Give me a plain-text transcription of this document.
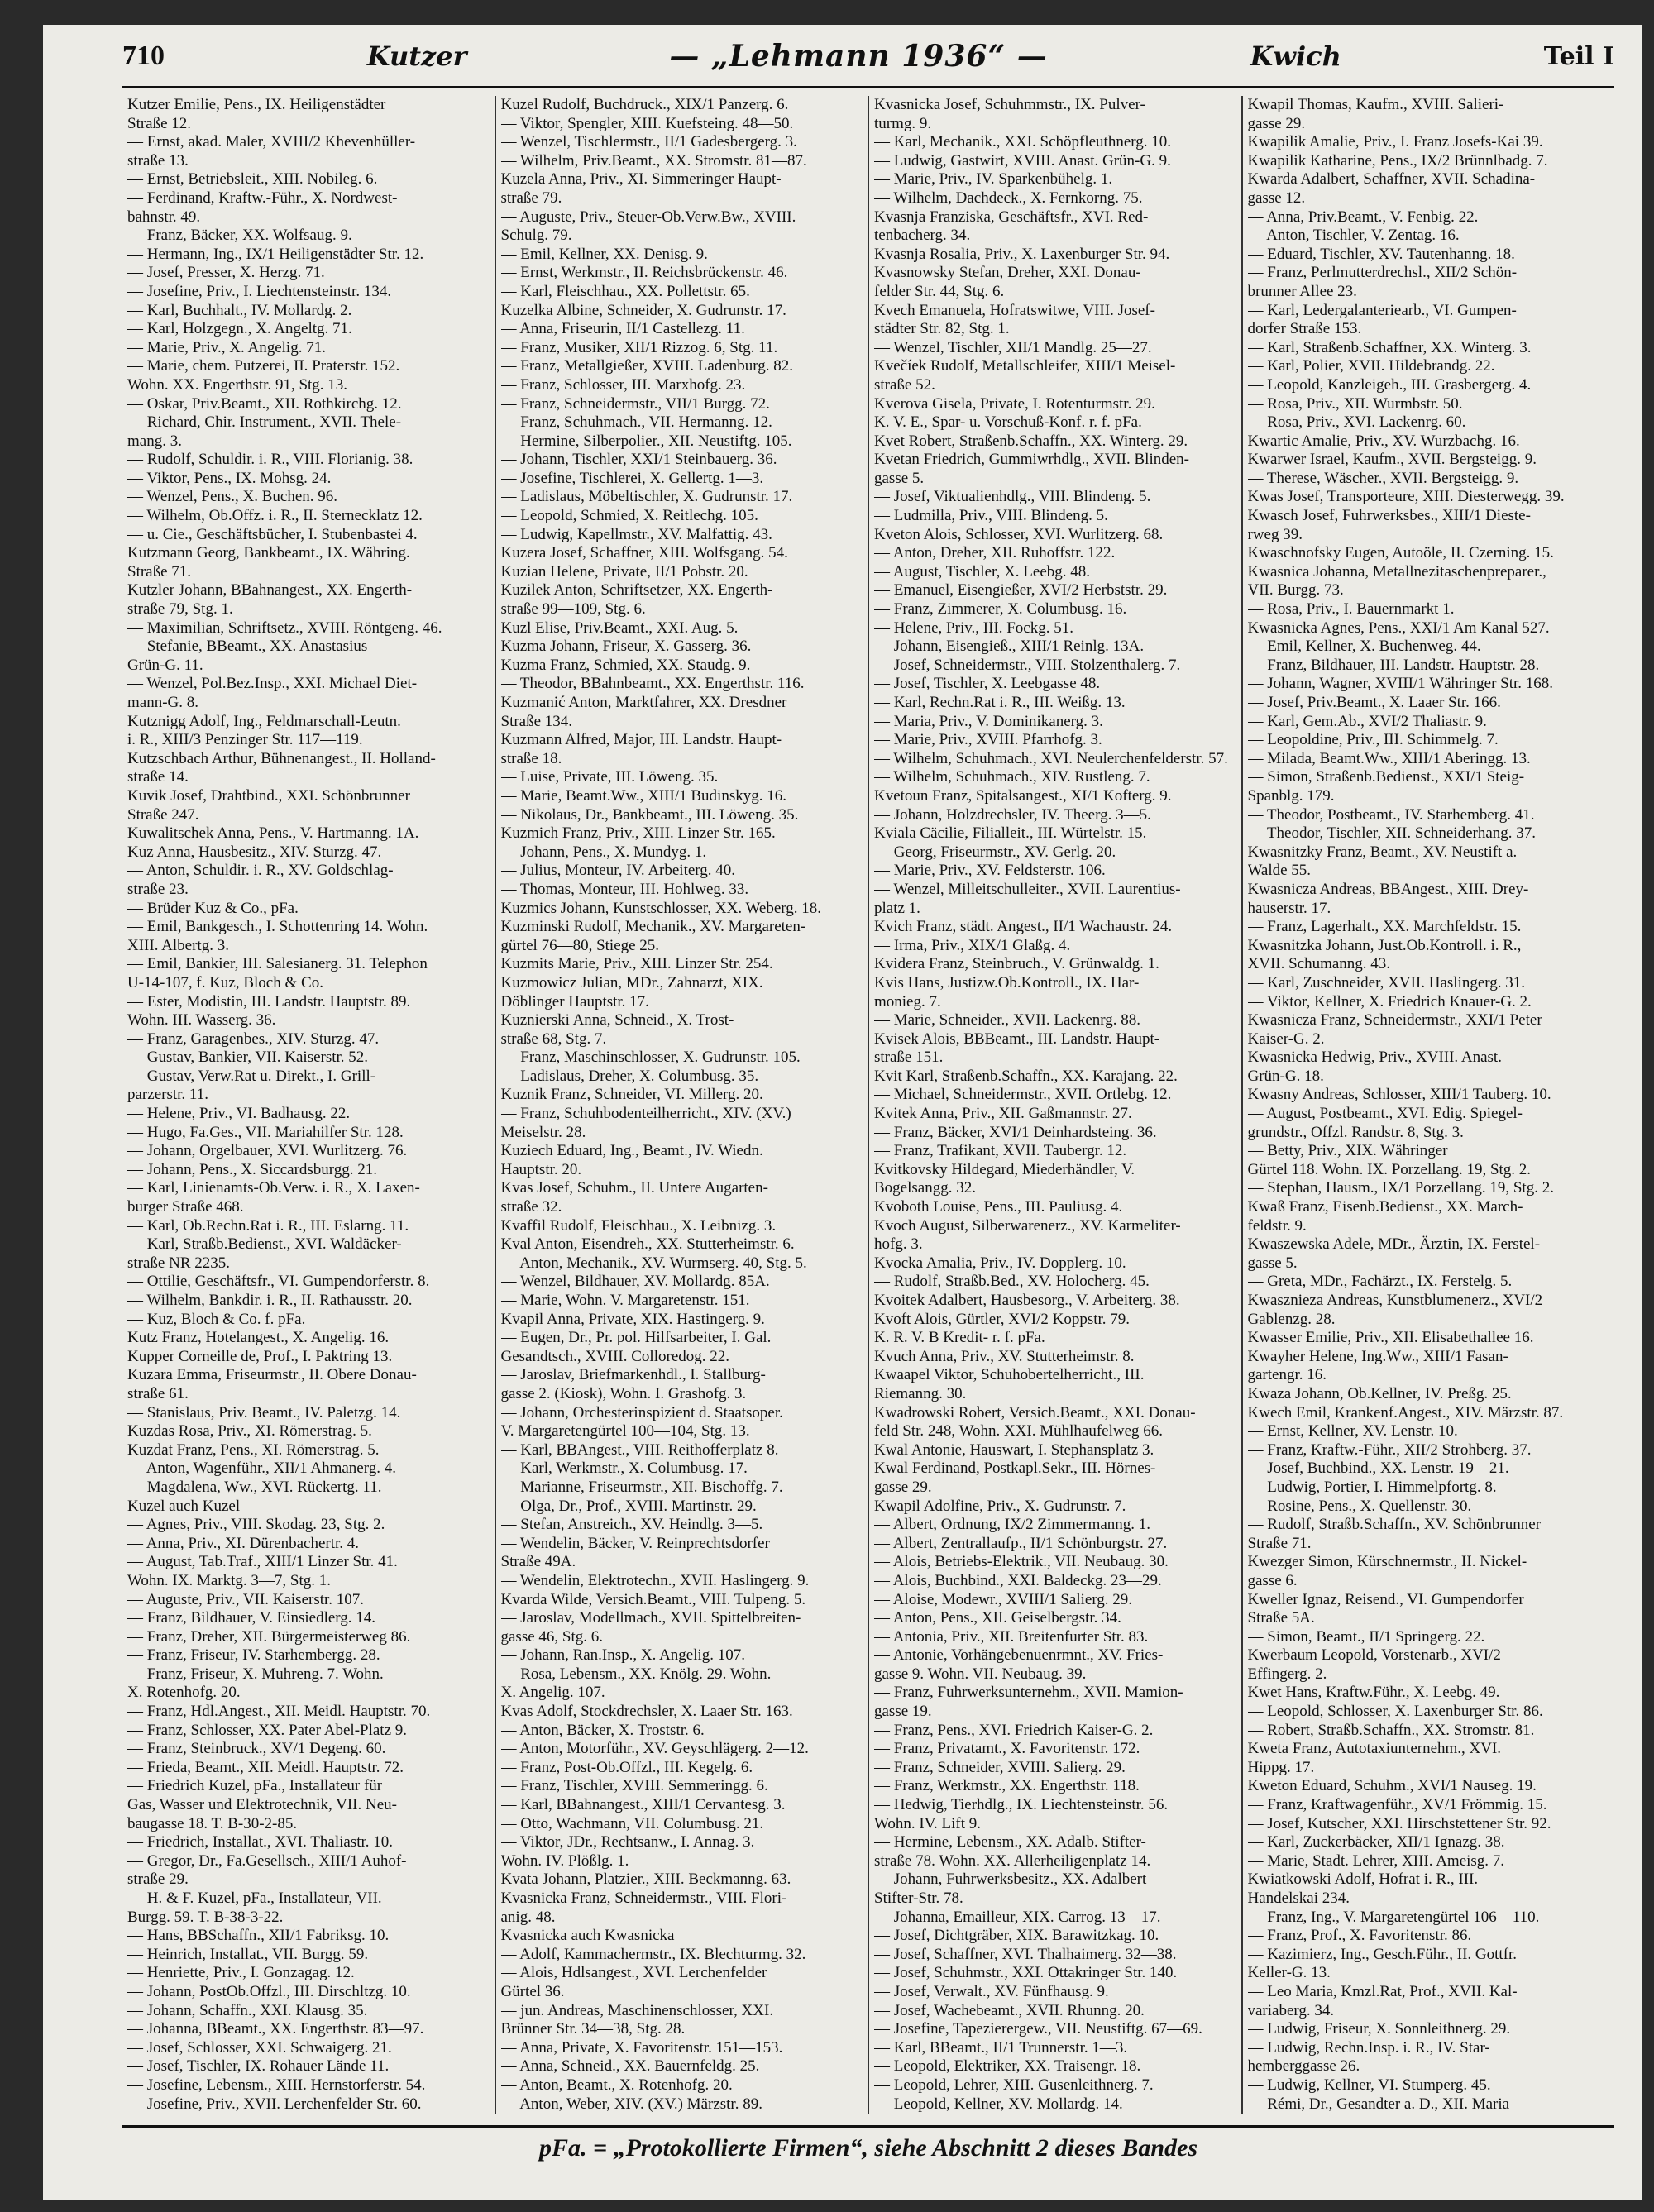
710	Kutzer	— „Lehmann 1936“ —	Kwich	Teil I
Kutzer Emilie, Pens., IX. Heiligenstädter
Straße 12.
— Ernst, akad. Maler, XVIII/2 Khevenhüller-
straße 13.
— Ernst, Betriebsleit., XIII. Nobileg. 6.
— Ferdinand, Kraftw.-Führ., X. Nordwest-
bahnstr. 49.
— Franz, Bäcker, XX. Wolfsaug. 9.
— Hermann, Ing., IX/1 Heiligenstädter Str. 12.
— Josef, Presser, X. Herzg. 71.
— Josefine, Priv., I. Liechtensteinstr. 134.
— Karl, Buchhalt., IV. Mollardg. 2.
— Karl, Holzgegn., X. Angeltg. 71.
— Marie, Priv., X. Angelig. 71.
— Marie, chem. Putzerei, II. Praterstr. 152.
Wohn. XX. Engerthstr. 91, Stg. 13.
— Oskar, Priv.Beamt., XII. Rothkirchg. 12.
— Richard, Chir. Instrument., XVII. Thele-
mang. 3.
— Rudolf, Schuldir. i. R., VIII. Florianig. 38.
— Viktor, Pens., IX. Mohsg. 24.
— Wenzel, Pens., X. Buchen. 96.
— Wilhelm, Ob.Offz. i. R., II. Sternecklatz 12.
— u. Cie., Geschäftsbücher, I. Stubenbastei 4.
Kutzmann Georg, Bankbeamt., IX. Währing.
Straße 71.
Kutzler Johann, BBahnangest., XX. Engerth-
straße 79, Stg. 1.
— Maximilian, Schriftsetz., XVIII. Röntgeng. 46.
— Stefanie, BBeamt., XX. Anastasius
Grün-G. 11.
— Wenzel, Pol.Bez.Insp., XXI. Michael Diet-
mann-G. 8.
Kutznigg Adolf, Ing., Feldmarschall-Leutn.
i. R., XIII/3 Penzinger Str. 117—119.
Kutzschbach Arthur, Bühnenangest., II. Holland-
straße 14.
Kuvik Josef, Drahtbind., XXI. Schönbrunner
Straße 247.
Kuwalitschek Anna, Pens., V. Hartmanng. 1A.
Kuz Anna, Hausbesitz., XIV. Sturzg. 47.
— Anton, Schuldir. i. R., XV. Goldschlag-
straße 23.
— Brüder Kuz & Co., pFa.
— Emil, Bankgesch., I. Schottenring 14. Wohn.
XIII. Albertg. 3.
— Emil, Bankier, III. Salesianerg. 31. Telephon
U-14-107, f. Kuz, Bloch & Co.
— Ester, Modistin, III. Landstr. Hauptstr. 89.
Wohn. III. Wasserg. 36.
— Franz, Garagenbes., XIV. Sturzg. 47.
— Gustav, Bankier, VII. Kaiserstr. 52.
— Gustav, Verw.Rat u. Direkt., I. Grill-
parzerstr. 11.
— Helene, Priv., VI. Badhausg. 22.
— Hugo, Fa.Ges., VII. Mariahilfer Str. 128.
— Johann, Orgelbauer, XVI. Wurlitzerg. 76.
— Johann, Pens., X. Siccardsburgg. 21.
— Karl, Linienamts-Ob.Verw. i. R., X. Laxen-
burger Straße 468.
— Karl, Ob.Rechn.Rat i. R., III. Eslarng. 11.
— Karl, Straßb.Bedienst., XVI. Waldäcker-
straße NR 2235.
— Ottilie, Geschäftsfr., VI. Gumpendorferstr. 8.
— Wilhelm, Bankdir. i. R., II. Rathausstr. 20.
— Kuz, Bloch & Co. f. pFa.
Kutz Franz, Hotelangest., X. Angelig. 16.
Kupper Corneille de, Prof., I. Paktring 13.
Kuzara Emma, Friseurmstr., II. Obere Donau-
straße 61.
— Stanislaus, Priv. Beamt., IV. Paletzg. 14.
Kuzdas Rosa, Priv., XI. Römerstrag. 5.
Kuzdat Franz, Pens., XI. Römerstrag. 5.
— Anton, Wagenführ., XII/1 Ahmanerg. 4.
— Magdalena, Ww., XVI. Rückertg. 11.
Kuzel auch Kuzel
— Agnes, Priv., VIII. Skodag. 23, Stg. 2.
— Anna, Priv., XI. Dürenbachertr. 4.
— August, Tab.Traf., XIII/1 Linzer Str. 41.
Wohn. IX. Marktg. 3—7, Stg. 1.
— Auguste, Priv., VII. Kaiserstr. 107.
— Franz, Bildhauer, V. Einsiedlerg. 14.
— Franz, Dreher, XII. Bürgermeisterweg 86.
— Franz, Friseur, IV. Starhembergg. 28.
— Franz, Friseur, X. Muhreng. 7. Wohn.
X. Rotenhofg. 20.
— Franz, Hdl.Angest., XII. Meidl. Hauptstr. 70.
— Franz, Schlosser, XX. Pater Abel-Platz 9.
— Franz, Steinbruck., XV/1 Degeng. 60.
— Frieda, Beamt., XII. Meidl. Hauptstr. 72.
— Friedrich Kuzel, pFa., Installateur für
Gas, Wasser und Elektrotechnik, VII. Neu-
baugasse 18. T. B-30-2-85.
— Friedrich, Installat., XVI. Thaliastr. 10.
— Gregor, Dr., Fa.Gesellsch., XIII/1 Auhof-
straße 29.
— H. & F. Kuzel, pFa., Installateur, VII.
Burgg. 59. T. B-38-3-22.
— Hans, BBSchaffn., XII/1 Fabriksg. 10.
— Heinrich, Installat., VII. Burgg. 59.
— Henriette, Priv., I. Gonzagag. 12.
— Johann, PostOb.Offzl., III. Dirschltzg. 10.
— Johann, Schaffn., XXI. Klausg. 35.
— Johanna, BBeamt., XX. Engerthstr. 83—97.
— Josef, Schlosser, XXI. Schwaigerg. 21.
— Josef, Tischler, IX. Rohauer Lände 11.
— Josefine, Lebensm., XIII. Hernstorferstr. 54.
— Josefine, Priv., XVII. Lerchenfelder Str. 60.
Kuzel Rudolf, Buchdruck., XIX/1 Panzerg. 6.
— Viktor, Spengler, XIII. Kuefsteing. 48—50.
— Wenzel, Tischlermstr., II/1 Gadesbergerg. 3.
— Wilhelm, Priv.Beamt., XX. Stromstr. 81—87.
Kuzela Anna, Priv., XI. Simmeringer Haupt-
straße 79.
— Auguste, Priv., Steuer-Ob.Verw.Bw., XVIII.
Schulg. 79.
— Emil, Kellner, XX. Denisg. 9.
— Ernst, Werkmstr., II. Reichsbrückenstr. 46.
— Karl, Fleischhau., XX. Pollettstr. 65.
Kuzelka Albine, Schneider, X. Gudrunstr. 17.
— Anna, Friseurin, II/1 Castellezg. 11.
— Franz, Musiker, XII/1 Rizzog. 6, Stg. 11.
— Franz, Metallgießer, XVIII. Ladenburg. 82.
— Franz, Schlosser, III. Marxhofg. 23.
— Franz, Schneidermstr., VII/1 Burgg. 72.
— Franz, Schuhmach., VII. Hermanng. 12.
— Hermine, Silberpolier., XII. Neustiftg. 105.
— Johann, Tischler, XXI/1 Steinbauerg. 36.
— Josefine, Tischlerei, X. Gellertg. 1—3.
— Ladislaus, Möbeltischler, X. Gudrunstr. 17.
— Leopold, Schmied, X. Reitlechg. 105.
— Ludwig, Kapellmstr., XV. Malfattig. 43.
Kuzera Josef, Schaffner, XIII. Wolfsgang. 54.
Kuzian Helene, Private, II/1 Pobstr. 20.
Kuzilek Anton, Schriftsetzer, XX. Engerth-
straße 99—109, Stg. 6.
Kuzl Elise, Priv.Beamt., XXI. Aug. 5.
Kuzma Johann, Friseur, X. Gasserg. 36.
Kuzma Franz, Schmied, XX. Staudg. 9.
— Theodor, BBahnbeamt., XX. Engerthstr. 116.
Kuzmanić Anton, Marktfahrer, XX. Dresdner
Straße 134.
Kuzmann Alfred, Major, III. Landstr. Haupt-
straße 18.
— Luise, Private, III. Löweng. 35.
— Marie, Beamt.Ww., XIII/1 Budinskyg. 16.
— Nikolaus, Dr., Bankbeamt., III. Löweng. 35.
Kuzmich Franz, Priv., XIII. Linzer Str. 165.
— Johann, Pens., X. Mundyg. 1.
— Julius, Monteur, IV. Arbeiterg. 40.
— Thomas, Monteur, III. Hohlweg. 33.
Kuzmics Johann, Kunstschlosser, XX. Weberg. 18.
Kuzminski Rudolf, Mechanik., XV. Margareten-
gürtel 76—80, Stiege 25.
Kuzmits Marie, Priv., XIII. Linzer Str. 254.
Kuzmowicz Julian, MDr., Zahnarzt, XIX.
Döblinger Hauptstr. 17.
Kuznierski Anna, Schneid., X. Trost-
straße 68, Stg. 7.
— Franz, Maschinschlosser, X. Gudrunstr. 105.
— Ladislaus, Dreher, X. Columbusg. 35.
Kuznik Franz, Schneider, VI. Millerg. 20.
— Franz, Schuhbodenteilherricht., XIV. (XV.)
Meiselstr. 28.
Kuziech Eduard, Ing., Beamt., IV. Wiedn.
Hauptstr. 20.
Kvas Josef, Schuhm., II. Untere Augarten-
straße 32.
Kvaffil Rudolf, Fleischhau., X. Leibnizg. 3.
Kval Anton, Eisendreh., XX. Stutterheimstr. 6.
— Anton, Mechanik., XV. Wurmserg. 40, Stg. 5.
— Wenzel, Bildhauer, XV. Mollardg. 85A.
— Marie, Wohn. V. Margaretenstr. 151.
Kvapil Anna, Private, XIX. Hastingerg. 9.
— Eugen, Dr., Pr. pol. Hilfsarbeiter, I. Gal.
Gesandtsch., XVIII. Colloredog. 22.
— Jaroslav, Briefmarkenhdl., I. Stallburg-
gasse 2. (Kiosk), Wohn. I. Grashofg. 3.
— Johann, Orchesterinspizient d. Staatsoper.
V. Margaretengürtel 100—104, Stg. 13.
— Karl, BBAngest., VIII. Reithofferplatz 8.
— Karl, Werkmstr., X. Columbusg. 17.
— Marianne, Friseurmstr., XII. Bischoffg. 7.
— Olga, Dr., Prof., XVIII. Martinstr. 29.
— Stefan, Anstreich., XV. Heindlg. 3—5.
— Wendelin, Bäcker, V. Reinprechtsdorfer
Straße 49A.
— Wendelin, Elektrotechn., XVII. Haslingerg. 9.
Kvarda Wilde, Versich.Beamt., VIII. Tulpeng. 5.
— Jaroslav, Modellmach., XVII. Spittelbreiten-
gasse 46, Stg. 6.
— Johann, Ran.Insp., X. Angelig. 107.
— Rosa, Lebensm., XX. Knölg. 29. Wohn.
X. Angelig. 107.
Kvas Adolf, Stockdrechsler, X. Laaer Str. 163.
— Anton, Bäcker, X. Troststr. 6.
— Anton, Motorführ., XV. Geyschlägerg. 2—12.
— Franz, Post-Ob.Offzl., III. Kegelg. 6.
— Franz, Tischler, XVIII. Semmeringg. 6.
— Karl, BBahnangest., XIII/1 Cervantesg. 3.
— Otto, Wachmann, VII. Columbusg. 21.
— Viktor, JDr., Rechtsanw., I. Annag. 3.
Wohn. IV. Plößlg. 1.
Kvata Johann, Platzier., XIII. Beckmanng. 63.
Kvasnicka Franz, Schneidermstr., VIII. Flori-
anig. 48.
Kvasnicka auch Kwasnicka
— Adolf, Kammachermstr., IX. Blechturmg. 32.
— Alois, Hdlsangest., XVI. Lerchenfelder
Gürtel 36.
— jun. Andreas, Maschinenschlosser, XXI.
Brünner Str. 34—38, Stg. 28.
— Anna, Private, X. Favoritenstr. 151—153.
— Anna, Schneid., XX. Bauernfeldg. 25.
— Anton, Beamt., X. Rotenhofg. 20.
— Anton, Weber, XIV. (XV.) Märzstr. 89.
Kvasnicka Josef, Schuhmmstr., IX. Pulver-
turmg. 9.
— Karl, Mechanik., XXI. Schöpfleuthnerg. 10.
— Ludwig, Gastwirt, XVIII. Anast. Grün-G. 9.
— Marie, Priv., IV. Sparkenbühelg. 1.
— Wilhelm, Dachdeck., X. Fernkorng. 75.
Kvasnja Franziska, Geschäftsfr., XVI. Red-
tenbacherg. 34.
Kvasnja Rosalia, Priv., X. Laxenburger Str. 94.
Kvasnowsky Stefan, Dreher, XXI. Donau-
felder Str. 44, Stg. 6.
Kvech Emanuela, Hofratswitwe, VIII. Josef-
städter Str. 82, Stg. 1.
— Wenzel, Tischler, XII/1 Mandlg. 25—27.
Kvečíek Rudolf, Metallschleifer, XIII/1 Meisel-
straße 52.
Kverova Gisela, Private, I. Rotenturmstr. 29.
K. V. E., Spar- u. Vorschuß-Konf. r. f. pFa.
Kvet Robert, Straßenb.Schaffn., XX. Winterg. 29.
Kvetan Friedrich, Gummiwrhdlg., XVII. Blinden-
gasse 5.
— Josef, Viktualienhdlg., VIII. Blindeng. 5.
— Ludmilla, Priv., VIII. Blindeng. 5.
Kveton Alois, Schlosser, XVI. Wurlitzerg. 68.
— Anton, Dreher, XII. Ruhoffstr. 122.
— August, Tischler, X. Leebg. 48.
— Emanuel, Eisengießer, XVI/2 Herbststr. 29.
— Franz, Zimmerer, X. Columbusg. 16.
— Helene, Priv., III. Fockg. 51.
— Johann, Eisengieß., XIII/1 Reinlg. 13A.
— Josef, Schneidermstr., VIII. Stolzenthalerg. 7.
— Josef, Tischler, X. Leebgasse 48.
— Karl, Rechn.Rat i. R., III. Weißg. 13.
— Maria, Priv., V. Dominikanerg. 3.
— Marie, Priv., XVIII. Pfarrhofg. 3.
— Wilhelm, Schuhmach., XVI. Neulerchenfelderstr. 57.
— Wilhelm, Schuhmach., XIV. Rustleng. 7.
Kvetoun Franz, Spitalsangest., XI/1 Kofterg. 9.
— Johann, Holzdrechsler, IV. Theerg. 3—5.
Kviala Cäcilie, Filialleit., III. Würtelstr. 15.
— Georg, Friseurmstr., XV. Gerlg. 20.
— Marie, Priv., XV. Feldsterstr. 106.
— Wenzel, Milleitschulleiter., XVII. Laurentius-
platz 1.
Kvich Franz, städt. Angest., II/1 Wachaustr. 24.
— Irma, Priv., XIX/1 Glaßg. 4.
Kvidera Franz, Steinbruch., V. Grünwaldg. 1.
Kvis Hans, Justizw.Ob.Kontroll., IX. Har-
monieg. 7.
— Marie, Schneider., XVII. Lackenrg. 88.
Kvisek Alois, BBBeamt., III. Landstr. Haupt-
straße 151.
Kvit Karl, Straßenb.Schaffn., XX. Karajang. 22.
— Michael, Schneidermstr., XVII. Ortlebg. 12.
Kvitek Anna, Priv., XII. Gaßmannstr. 27.
— Franz, Bäcker, XVI/1 Deinhardsteing. 36.
— Franz, Trafikant, XVII. Taubergr. 12.
Kvitkovsky Hildegard, Miederhändler, V.
Bogelsangg. 32.
Kvoboth Louise, Pens., III. Pauliusg. 4.
Kvoch August, Silberwarenerz., XV. Karmeliter-
hofg. 3.
Kvocka Amalia, Priv., IV. Dopplerg. 10.
— Rudolf, Straßb.Bed., XV. Holocherg. 45.
Kvoitek Adalbert, Hausbesorg., V. Arbeiterg. 38.
Kvoft Alois, Gürtler, XVI/2 Koppstr. 79.
K. R. V. B Kredit- r. f. pFa.
Kvuch Anna, Priv., XV. Stutterheimstr. 8.
Kwaapel Viktor, Schuhobertelherricht., III.
Riemanng. 30.
Kwadrowski Robert, Versich.Beamt., XXI. Donau-
feld Str. 248, Wohn. XXI. Mühlhaufelweg 66.
Kwal Antonie, Hauswart, I. Stephansplatz 3.
Kwal Ferdinand, Postkapl.Sekr., III. Hörnes-
gasse 29.
Kwapil Adolfine, Priv., X. Gudrunstr. 7.
— Albert, Ordnung, IX/2 Zimmermanng. 1.
— Albert, Zentrallaufp., II/1 Schönburgstr. 27.
— Alois, Betriebs-Elektrik., VII. Neubaug. 30.
— Alois, Buchbind., XXI. Baldeckg. 23—29.
— Aloise, Modewr., XVIII/1 Salierg. 29.
— Anton, Pens., XII. Geiselbergstr. 34.
— Antonia, Priv., XII. Breitenfurter Str. 83.
— Antonie, Vorhängebenuenrmnt., XV. Fries-
gasse 9. Wohn. VII. Neubaug. 39.
— Franz, Fuhrwerksunternehm., XVII. Mamion-
gasse 19.
— Franz, Pens., XVI. Friedrich Kaiser-G. 2.
— Franz, Privatamt., X. Favoritenstr. 172.
— Franz, Schneider, XVIII. Salierg. 29.
— Franz, Werkmstr., XX. Engerthstr. 118.
— Hedwig, Tierhdlg., IX. Liechtensteinstr. 56.
Wohn. IV. Lift 9.
— Hermine, Lebensm., XX. Adalb. Stifter-
straße 78. Wohn. XX. Allerheiligenplatz 14.
— Johann, Fuhrwerksbesitz., XX. Adalbert
Stifter-Str. 78.
— Johanna, Emailleur, XIX. Carrog. 13—17.
— Josef, Dichtgräber, XIX. Barawitzkag. 10.
— Josef, Schaffner, XVI. Thalhaimerg. 32—38.
— Josef, Schuhmstr., XXI. Ottakringer Str. 140.
— Josef, Verwalt., XV. Fünfhausg. 9.
— Josef, Wachebeamt., XVII. Rhunng. 20.
— Josefine, Tapezierergew., VII. Neustiftg. 67—69.
— Karl, BBeamt., II/1 Trunnerstr. 1—3.
— Leopold, Elektriker, XX. Traisengr. 18.
— Leopold, Lehrer, XIII. Gusenleithnerg. 7.
— Leopold, Kellner, XV. Mollardg. 14.
Kwapil Thomas, Kaufm., XVIII. Salieri-
gasse 29.
Kwapilik Amalie, Priv., I. Franz Josefs-Kai 39.
Kwapilik Katharine, Pens., IX/2 Brünnlbadg. 7.
Kwarda Adalbert, Schaffner, XVII. Schadina-
gasse 12.
— Anna, Priv.Beamt., V. Fenbig. 22.
— Anton, Tischler, V. Zentag. 16.
— Eduard, Tischler, XV. Tautenhanng. 18.
— Franz, Perlmutterdrechsl., XII/2 Schön-
brunner Allee 23.
— Karl, Ledergalanteriearb., VI. Gumpen-
dorfer Straße 153.
— Karl, Straßenb.Schaffner, XX. Winterg. 3.
— Karl, Polier, XVII. Hildebrandg. 22.
— Leopold, Kanzleigeh., III. Grasbergerg. 4.
— Rosa, Priv., XII. Wurmbstr. 50.
— Rosa, Priv., XVI. Lackenrg. 60.
Kwartic Amalie, Priv., XV. Wurzbachg. 16.
Kwarwer Israel, Kaufm., XVII. Bergsteigg. 9.
— Therese, Wäscher., XVII. Bergsteigg. 9.
Kwas Josef, Transporteure, XIII. Diesterwegg. 39.
Kwasch Josef, Fuhrwerksbes., XIII/1 Dieste-
rweg 39.
Kwaschnofsky Eugen, Autoöle, II. Czerning. 15.
Kwasnica Johanna, Metallnezitaschenpreparer.,
VII. Burgg. 73.
— Rosa, Priv., I. Bauernmarkt 1.
Kwasnicka Agnes, Pens., XXI/1 Am Kanal 527.
— Emil, Kellner, X. Buchenweg. 44.
— Franz, Bildhauer, III. Landstr. Hauptstr. 28.
— Johann, Wagner, XVIII/1 Währinger Str. 168.
— Josef, Priv.Beamt., X. Laaer Str. 166.
— Karl, Gem.Ab., XVI/2 Thaliastr. 9.
— Leopoldine, Priv., III. Schimmelg. 7.
— Milada, Beamt.Ww., XIII/1 Aberingg. 13.
— Simon, Straßenb.Bedienst., XXI/1 Steig-
Spanblg. 179.
— Theodor, Postbeamt., IV. Starhemberg. 41.
— Theodor, Tischler, XII. Schneiderhang. 37.
Kwasnitzky Franz, Beamt., XV. Neustift a.
Walde 55.
Kwasnicza Andreas, BBAngest., XIII. Drey-
hauserstr. 17.
— Franz, Lagerhalt., XX. Marchfeldstr. 15.
Kwasnitzka Johann, Just.Ob.Kontroll. i. R.,
XVII. Schumanng. 43.
— Karl, Zuschneider, XVII. Haslingerg. 31.
— Viktor, Kellner, X. Friedrich Knauer-G. 2.
Kwasnicza Franz, Schneidermstr., XXI/1 Peter
Kaiser-G. 2.
Kwasnicka Hedwig, Priv., XVIII. Anast.
Grün-G. 18.
Kwasny Andreas, Schlosser, XIII/1 Tauberg. 10.
— August, Postbeamt., XVI. Edig. Spiegel-
grundstr., Offzl. Randstr. 8, Stg. 3.
— Betty, Priv., XIX. Währinger
Gürtel 118. Wohn. IX. Porzellang. 19, Stg. 2.
— Stephan, Hausm., IX/1 Porzellang. 19, Stg. 2.
Kwaß Franz, Eisenb.Bedienst., XX. March-
feldstr. 9.
Kwaszewska Adele, MDr., Ärztin, IX. Ferstel-
gasse 5.
— Greta, MDr., Fachärzt., IX. Ferstelg. 5.
Kwasznieza Andreas, Kunstblumenerz., XVI/2
Gablenzg. 28.
Kwasser Emilie, Priv., XII. Elisabethallee 16.
Kwayher Helene, Ing.Ww., XIII/1 Fasan-
gartengr. 16.
Kwaza Johann, Ob.Kellner, IV. Preßg. 25.
Kwech Emil, Krankenf.Angest., XIV. Märzstr. 87.
— Ernst, Kellner, XV. Lenstr. 10.
— Franz, Kraftw.-Führ., XII/2 Strohberg. 37.
— Josef, Buchbind., XX. Lenstr. 19—21.
— Ludwig, Portier, I. Himmelpfortg. 8.
— Rosine, Pens., X. Quellenstr. 30.
— Rudolf, Straßb.Schaffn., XV. Schönbrunner
Straße 71.
Kwezger Simon, Kürschnermstr., II. Nickel-
gasse 6.
Kweller Ignaz, Reisend., VI. Gumpendorfer
Straße 5A.
— Simon, Beamt., II/1 Springerg. 22.
Kwerbaum Leopold, Vorstenarb., XVI/2
Effingerg. 2.
Kwet Hans, Kraftw.Führ., X. Leebg. 49.
— Leopold, Schlosser, X. Laxenburger Str. 86.
— Robert, Straßb.Schaffn., XX. Stromstr. 81.
Kweta Franz, Autotaxiunternehm., XVI.
Hippg. 17.
Kweton Eduard, Schuhm., XVI/1 Nauseg. 19.
— Franz, Kraftwagenführ., XV/1 Frömmig. 15.
— Josef, Kutscher, XXI. Hirschstettener Str. 92.
— Karl, Zuckerbäcker, XII/1 Ignazg. 38.
— Marie, Stadt. Lehrer, XIII. Ameisg. 7.
Kwiatkowski Adolf, Hofrat i. R., III.
Handelskai 234.
— Franz, Ing., V. Margaretengürtel 106—110.
— Franz, Prof., X. Favoritenstr. 86.
— Kazimierz, Ing., Gesch.Führ., II. Gottfr.
Keller-G. 13.
— Leo Maria, Kmzl.Rat, Prof., XVII. Kal-
variaberg. 34.
— Ludwig, Friseur, X. Sonnleithnerg. 29.
— Ludwig, Rechn.Insp. i. R., IV. Star-
hemberggasse 26.
— Ludwig, Kellner, VI. Stumperg. 45.
— Rémi, Dr., Gesandter a. D., XII. Maria
pFa. = „Protokollierte Firmen“, siehe Abschnitt 2 dieses Bandes
